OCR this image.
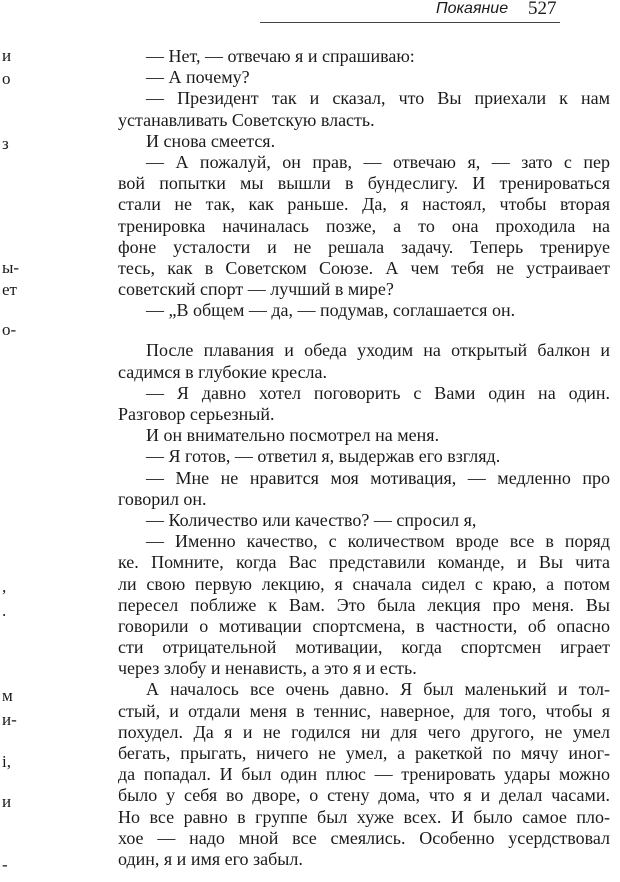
Покаяние 527
и
о
з
ы-
ет
о-
,
.
м
и-
і,
и
-
— Нет, — отвечаю я и спрашиваю:
— А почему?
— Президент так и сказал, что Вы приехали к нам
устанавливать Советскую власть.
И снова смеется.
— А пожалуй, он прав, — отвечаю я, — зато с пер
вой попытки мы вышли в бундеслигу. И тренироваться
стали не так, как раньше. Да, я настоял, чтобы вторая
тренировка начиналась позже, а то она проходила на
фоне усталости и не решала задачу. Теперь тренируе
тесь, как в Советском Союзе. А чем тебя не устраивает
советский спорт — лучший в мире?
— „В общем — да, — подумав, соглашается он.
После плавания и обеда уходим на открытый балкон и
садимся в глубокие кресла.
— Я давно хотел поговорить с Вами один на один.
Разговор серьезный.
И он внимательно посмотрел на меня.
— Я готов, — ответил я, выдержав его взгляд.
— Мне не нравится моя мотивация, — медленно про
говорил он.
— Количество или качество? — спросил я,
— Именно качество, с количеством вроде все в поряд
ке. Помните, когда Вас представили команде, и Вы чита
ли свою первую лекцию, я сначала сидел с краю, а потом
пересел поближе к Вам. Это была лекция про меня. Вы
говорили о мотивации спортсмена, в частности, об опасно
сти отрицательной мотивации, когда спортсмен играет
через злобу и ненависть, а это я и есть.
А началось все очень давно. Я был маленький и тол-
стый, и отдали меня в теннис, наверное, для того, чтобы я
похудел. Да я и не годился ни для чего другого, не умел
бегать, прыгать, ничего не умел, а ракеткой по мячу иног-
да попадал. И был один плюс — тренировать удары можно
было у себя во дворе, о стену дома, что я и делал часами.
Но все равно в группе был хуже всех. И было самое пло-
хое — надо мной все смеялись. Особенно усердствовал
один, я и имя его забыл.
